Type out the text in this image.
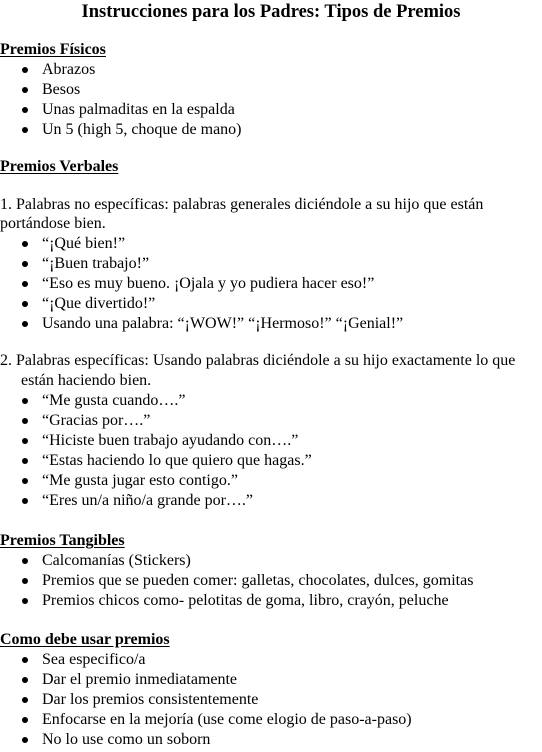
Instrucciones para los Padres: Tipos de Premios
Premios Físicos
Abrazos
Besos
Unas palmaditas en la espalda
Un 5 (high 5, choque de mano)
Premios Verbales
1. Palabras no específicas: palabras generales diciéndole a su hijo que están
portándose bien.
“¡Qué bien!”
“¡Buen trabajo!”
“Eso es muy bueno. ¡Ojala y yo pudiera hacer eso!”
“¡Que divertido!”
Usando una palabra: “¡WOW!” “¡Hermoso!” “¡Genial!”
2. Palabras específicas: Usando palabras diciéndole a su hijo exactamente lo que
están haciendo bien.
“Me gusta cuando….”
“Gracias por….”
“Hiciste buen trabajo ayudando con….”
“Estas haciendo lo que quiero que hagas.”
“Me gusta jugar esto contigo.”
“Eres un/a niño/a grande por….”
Premios Tangibles
Calcomanías (Stickers)
Premios que se pueden comer: galletas, chocolates, dulces, gomitas
Premios chicos como- pelotitas de goma, libro, crayón, peluche
Como debe usar premios
Sea especifico/a
Dar el premio inmediatamente
Dar los premios consistentemente
Enfocarse en la mejoría (use come elogio de paso-a-paso)
No lo use como un soborn
